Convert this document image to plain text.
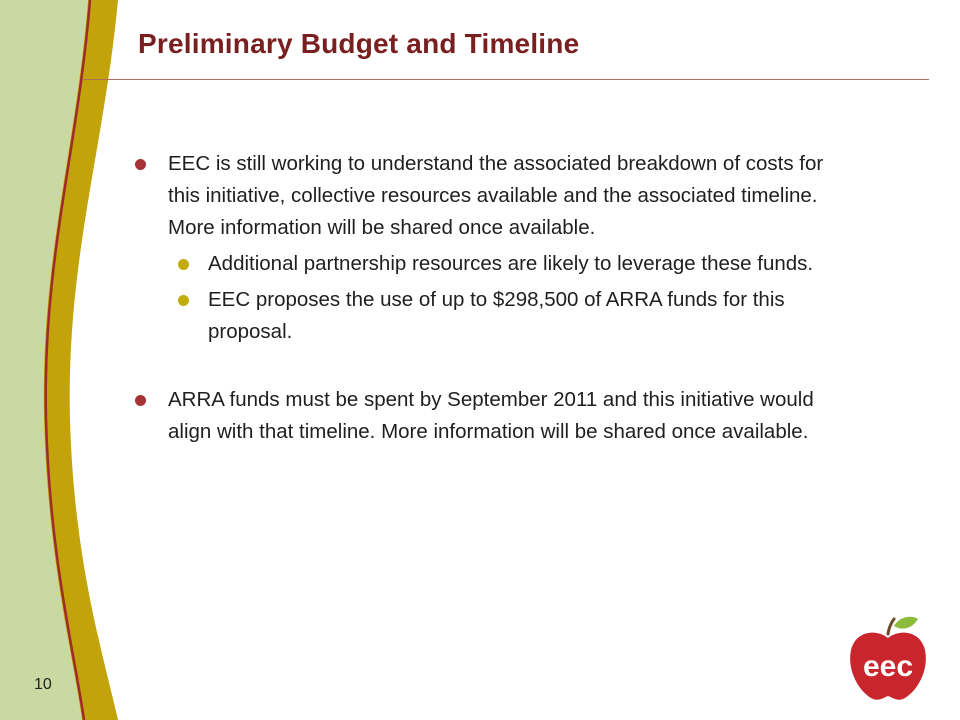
Preliminary Budget and Timeline
EEC is still working to understand the associated breakdown of costs for this initiative, collective resources available and the associated timeline. More information will be shared once available.
Additional partnership resources are likely to leverage these funds.
EEC proposes the use of up to $298,500 of ARRA funds for this proposal.
ARRA funds must be spent by September 2011 and this initiative would align with that timeline. More information will be shared once available.
10
eec
